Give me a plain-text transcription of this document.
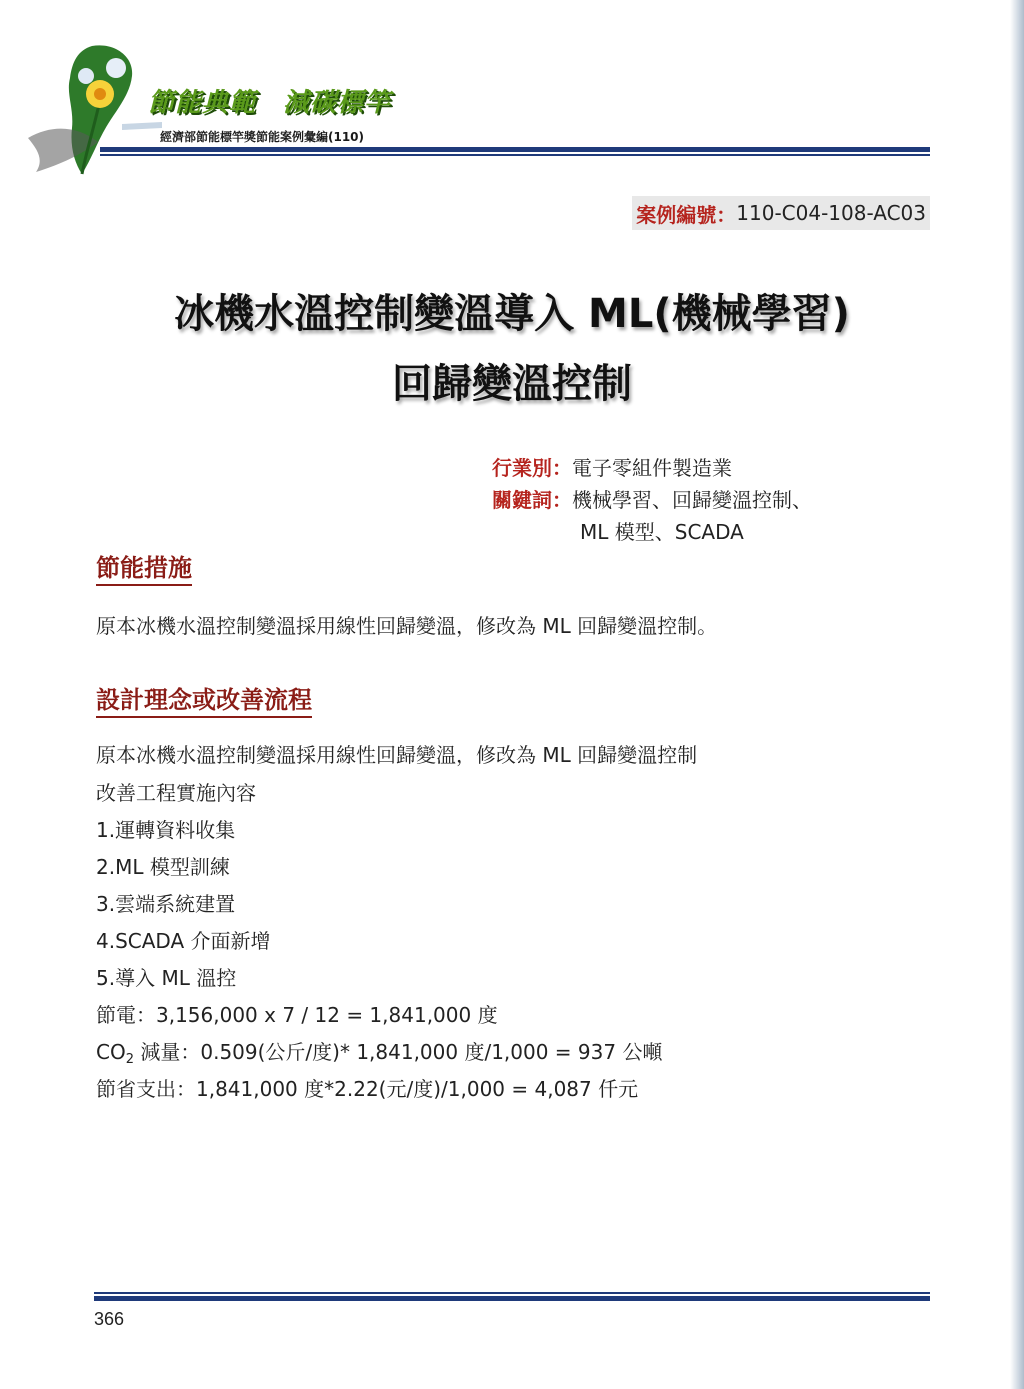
節能典範　減碳標竿
經濟部節能標竿獎節能案例彙編(110)
案例編號： 110-C04-108-AC03
冰機水溫控制變溫導入 ML(機械學習)
回歸變溫控制
行業別：電子零組件製造業
關鍵詞：機械學習、回歸變溫控制、
ML 模型、SCADA
節能措施
原本冰機水溫控制變溫採用線性回歸變溫，修改為 ML 回歸變溫控制。
設計理念或改善流程
原本冰機水溫控制變溫採用線性回歸變溫，修改為 ML 回歸變溫控制
改善工程實施內容
1.運轉資料收集
2.ML 模型訓練
3.雲端系統建置
4.SCADA 介面新增
5.導入 ML 溫控
節電：3,156,000 x 7 / 12 = 1,841,000 度
$CO_2$ 減量：0.509(公斤/度)* 1,841,000 度/1,000 = 937 公噸
節省支出：1,841,000 度*2.22(元/度)/1,000 = 4,087 仟元
366
